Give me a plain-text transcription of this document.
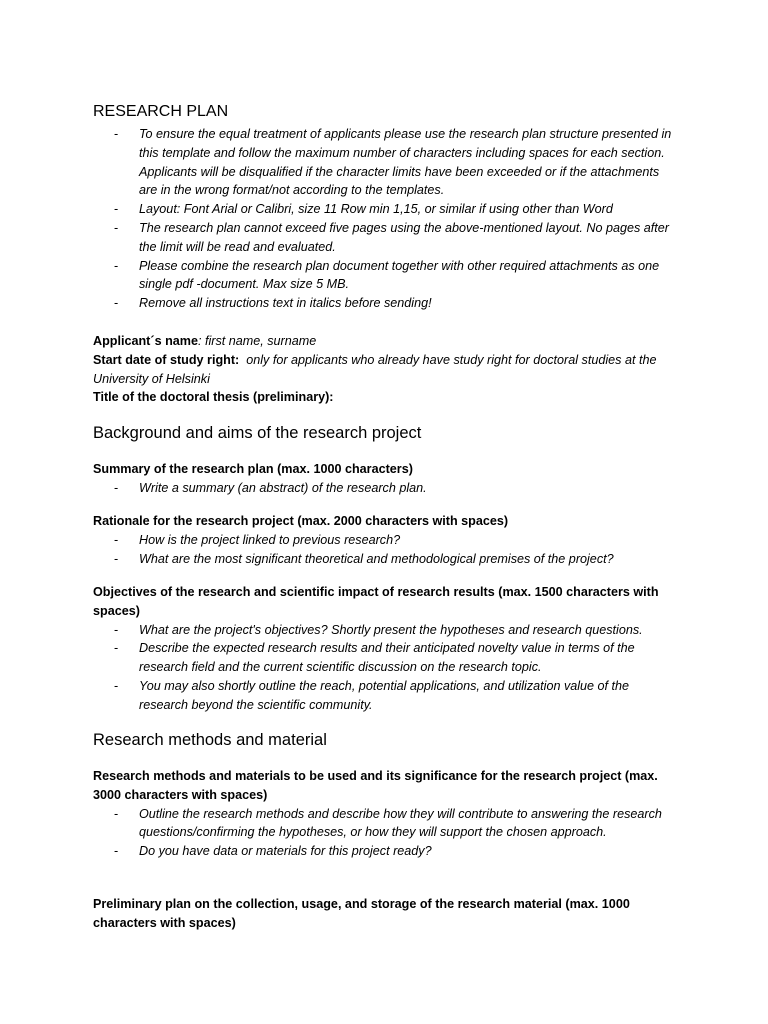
RESEARCH PLAN
- To ensure the equal treatment of applicants please use the research plan structure presented in this template and follow the maximum number of characters including spaces for each section. Applicants will be disqualified if the character limits have been exceeded or if the attachments are in the wrong format/not according to the templates.
- Layout: Font Arial or Calibri, size 11 Row min 1,15, or similar if using other than Word
- The research plan cannot exceed five pages using the above-mentioned layout. No pages after the limit will be read and evaluated.
- Please combine the research plan document together with other required attachments as one single pdf -document. Max size 5 MB.
- Remove all instructions text in italics before sending!

Applicant´s name: first name, surname

Start date of study right: only for applicants who already have study right for doctoral studies at the University of Helsinki

Title of the doctoral thesis (preliminary):

Background and aims of the research project

Summary of the research plan (max. 1000 characters)

- Write a summary (an abstract) of the research plan.

Rationale for the research project (max. 2000 characters with spaces)

- How is the project linked to previous research?
- What are the most significant theoretical and methodological premises of the project?

Objectives of the research and scientific impact of research results (max. 1500 characters with spaces)

- What are the project's objectives? Shortly present the hypotheses and research questions.
- Describe the expected research results and their anticipated novelty value in terms of the research field and the current scientific discussion on the research topic.
- You may also shortly outline the reach, potential applications, and utilization value of the research beyond the scientific community.
Research methods and material

Research methods and materials to be used and its significance for the research project (max. 3000 characters with spaces)

- Outline the research methods and describe how they will contribute to answering the research questions/confirming the hypotheses, or how they will support the chosen approach.
- Do you have data or materials for this project ready?

Preliminary plan on the collection, usage, and storage of the research material (max. 1000 characters with spaces)
